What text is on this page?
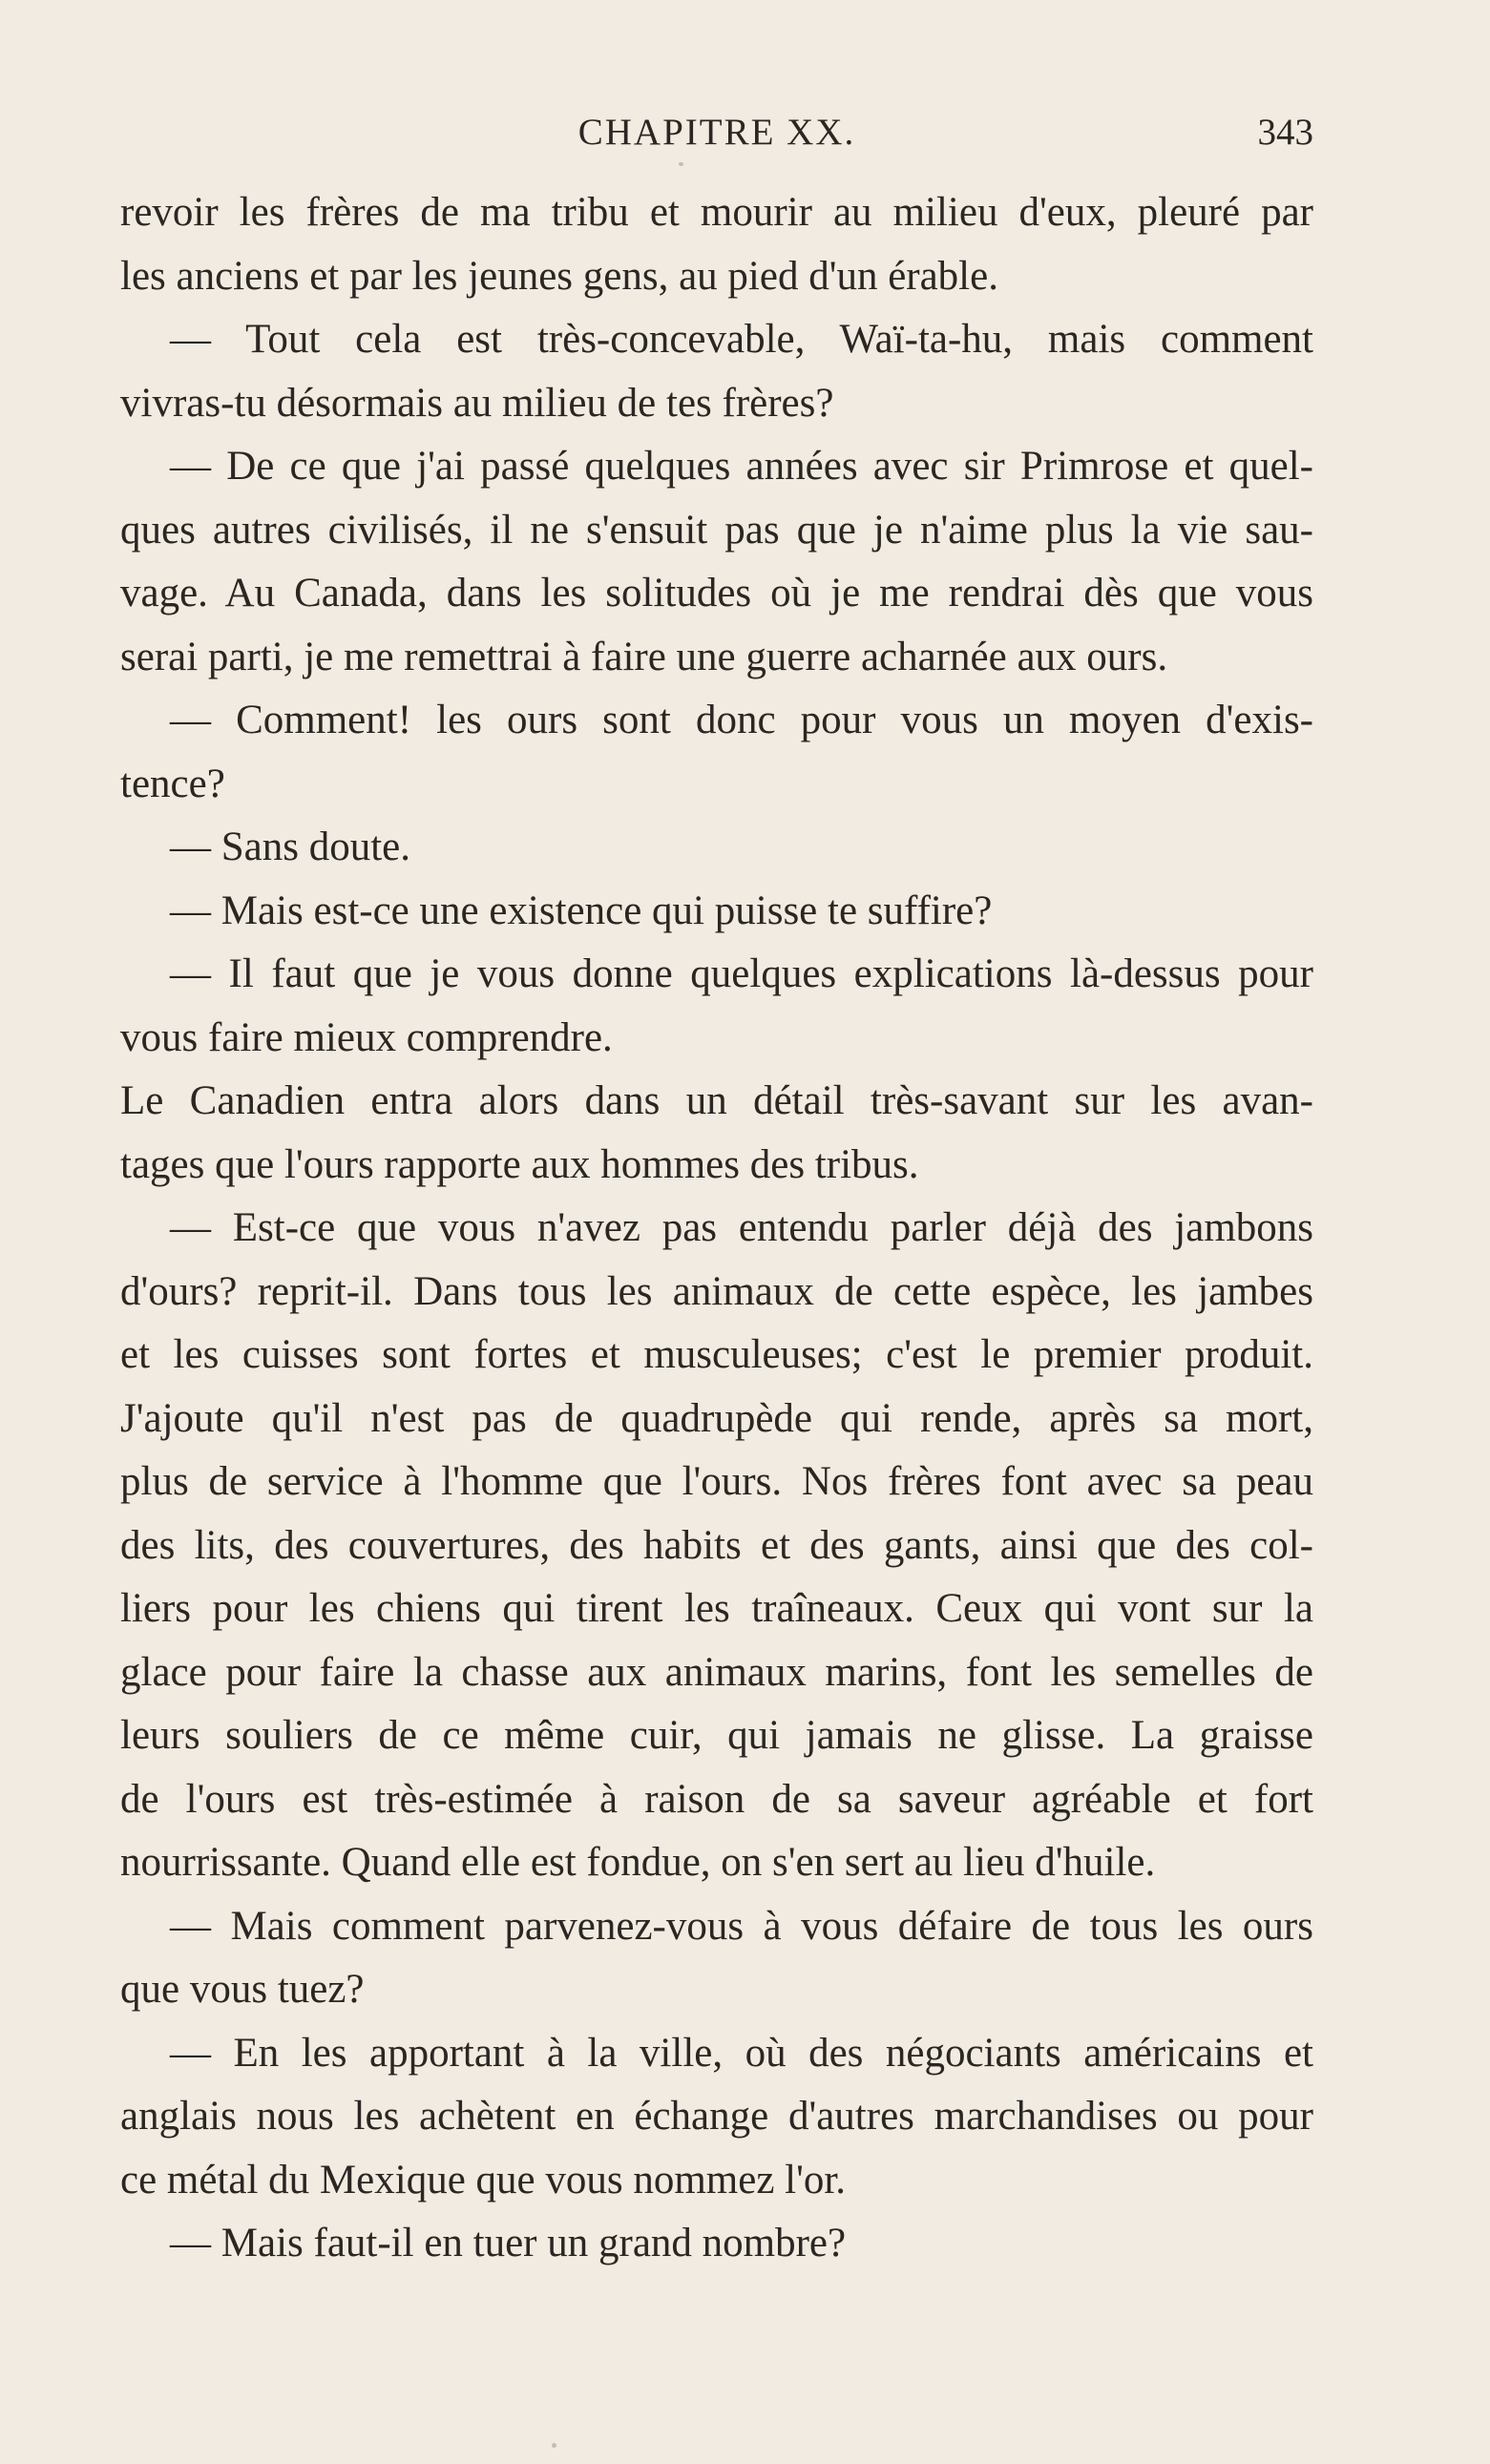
CHAPITRE XX.	343
revoir les frères de ma tribu et mourir au milieu d'eux, pleuré par
les anciens et par les jeunes gens, au pied d'un érable.
— Tout cela est très-concevable, Waï-ta-hu, mais comment
vivras-tu désormais au milieu de tes frères?
— De ce que j'ai passé quelques années avec sir Primrose et quel-
ques autres civilisés, il ne s'ensuit pas que je n'aime plus la vie sau-
vage. Au Canada, dans les solitudes où je me rendrai dès que vous
serai parti, je me remettrai à faire une guerre acharnée aux ours.
— Comment! les ours sont donc pour vous un moyen d'exis-
tence?
— Sans doute.
— Mais est-ce une existence qui puisse te suffire?
— Il faut que je vous donne quelques explications là-dessus pour
vous faire mieux comprendre.
Le Canadien entra alors dans un détail très-savant sur les avan-
tages que l'ours rapporte aux hommes des tribus.
— Est-ce que vous n'avez pas entendu parler déjà des jambons
d'ours? reprit-il. Dans tous les animaux de cette espèce, les jambes
et les cuisses sont fortes et musculeuses; c'est le premier produit.
J'ajoute qu'il n'est pas de quadrupède qui rende, après sa mort,
plus de service à l'homme que l'ours. Nos frères font avec sa peau
des lits, des couvertures, des habits et des gants, ainsi que des col-
liers pour les chiens qui tirent les traîneaux. Ceux qui vont sur la
glace pour faire la chasse aux animaux marins, font les semelles de
leurs souliers de ce même cuir, qui jamais ne glisse. La graisse
de l'ours est très-estimée à raison de sa saveur agréable et fort
nourrissante. Quand elle est fondue, on s'en sert au lieu d'huile.
— Mais comment parvenez-vous à vous défaire de tous les ours
que vous tuez?
— En les apportant à la ville, où des négociants américains et
anglais nous les achètent en échange d'autres marchandises ou pour
ce métal du Mexique que vous nommez l'or.
— Mais faut-il en tuer un grand nombre?
